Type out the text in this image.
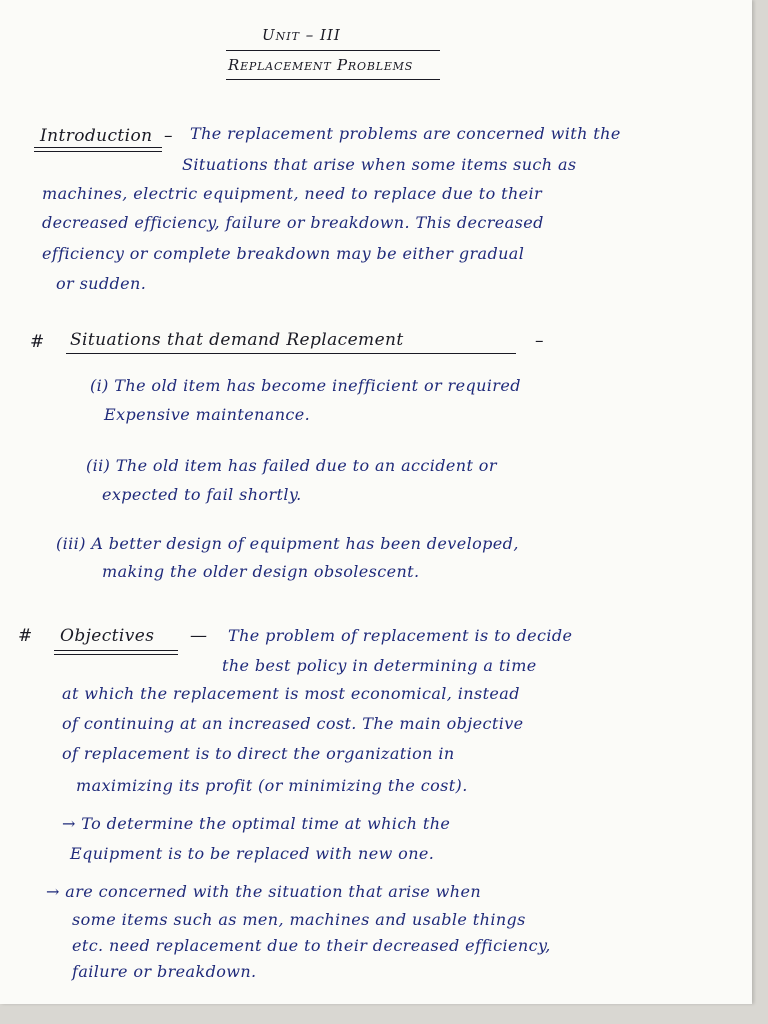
Unit – III
Replacement Problems
Introduction – The replacement problems are concerned with the
Situations that arise when some items such as
machines, electric equipment, need to replace due to their
decreased efficiency, failure or breakdown. This decreased
efficiency or complete breakdown may be either gradual
or sudden.
# Situations that demand Replacement	–
(i) The old item has become inefficient or required
Expensive maintenance.
(ii) The old item has failed due to an accident or
expected to fail shortly.
(iii) A better design of equipment has been developed,
making the older design obsolescent.
# Objectives — The problem of replacement is to decide
the best policy in determining a time
at which the replacement is most economical, instead
of continuing at an increased cost. The main objective
of replacement is to direct the organization in
maximizing its profit (or minimizing the cost).
→ To determine the optimal time at which the
Equipment is to be replaced with new one.
→ are concerned with the situation that arise when
some items such as men, machines and usable things
etc. need replacement due to their decreased efficiency,
failure or breakdown.
